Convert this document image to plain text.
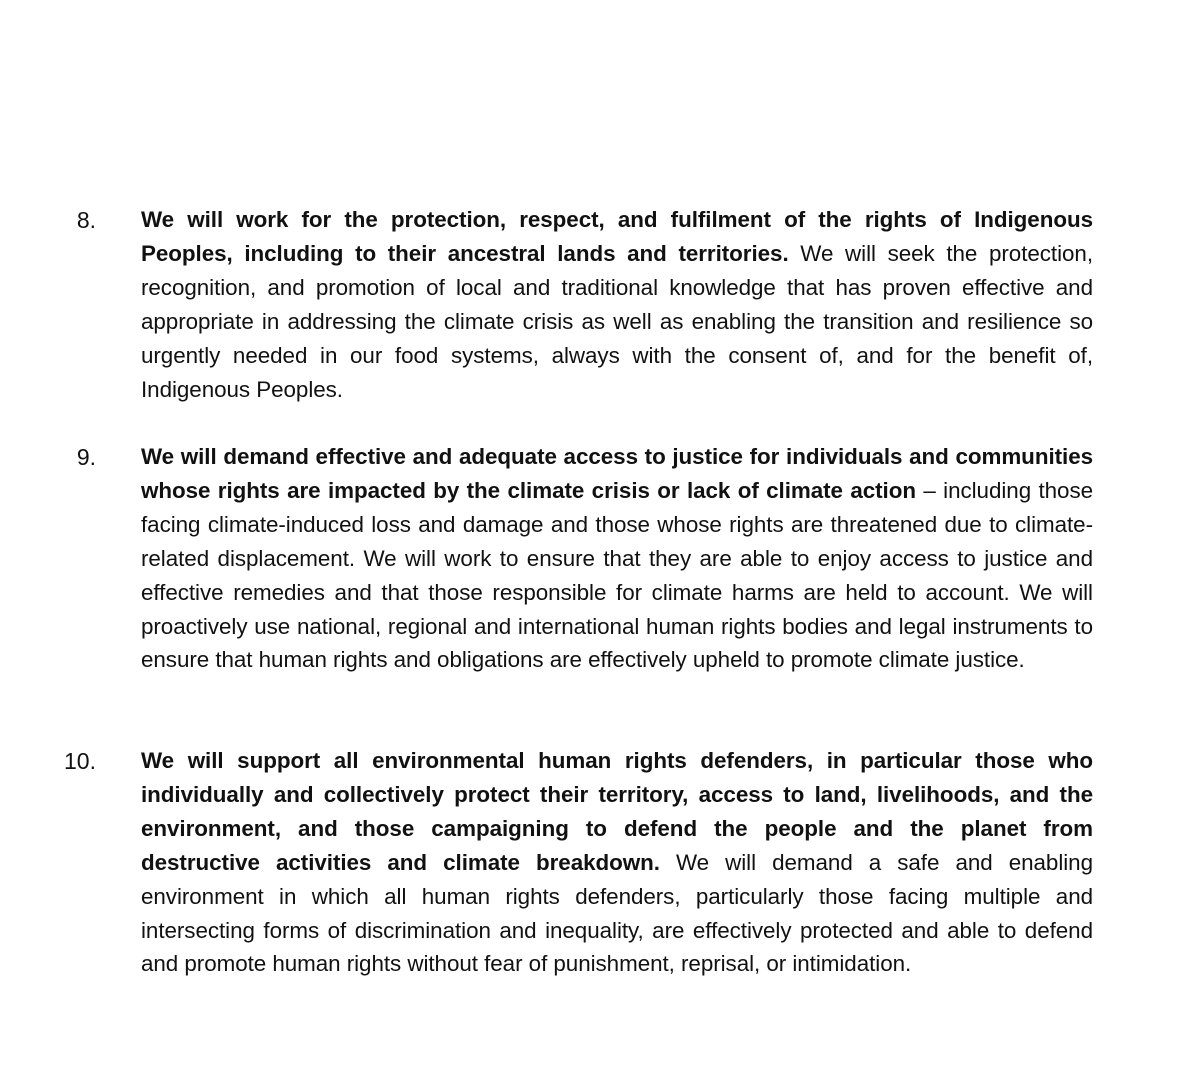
8. We will work for the protection, respect, and fulfilment of the rights of Indigenous Peoples, including to their ancestral lands and territories. We will seek the protection, recognition, and promotion of local and traditional knowledge that has proven effective and appropriate in addressing the climate crisis as well as enabling the transition and resilience so urgently needed in our food systems, always with the consent of, and for the benefit of, Indigenous Peoples.
9. We will demand effective and adequate access to justice for individuals and communities whose rights are impacted by the climate crisis or lack of climate action – including those facing climate-induced loss and damage and those whose rights are threatened due to climate-related displacement. We will work to ensure that they are able to enjoy access to justice and effective remedies and that those responsible for climate harms are held to account. We will proactively use national, regional and international human rights bodies and legal instruments to ensure that human rights and obligations are effectively upheld to promote climate justice.
10. We will support all environmental human rights defenders, in particular those who individually and collectively protect their territory, access to land, livelihoods, and the environment, and those campaigning to defend the people and the planet from destructive activities and climate breakdown. We will demand a safe and enabling environment in which all human rights defenders, particularly those facing multiple and intersecting forms of discrimination and inequality, are effectively protected and able to defend and promote human rights without fear of punishment, reprisal, or intimidation.
